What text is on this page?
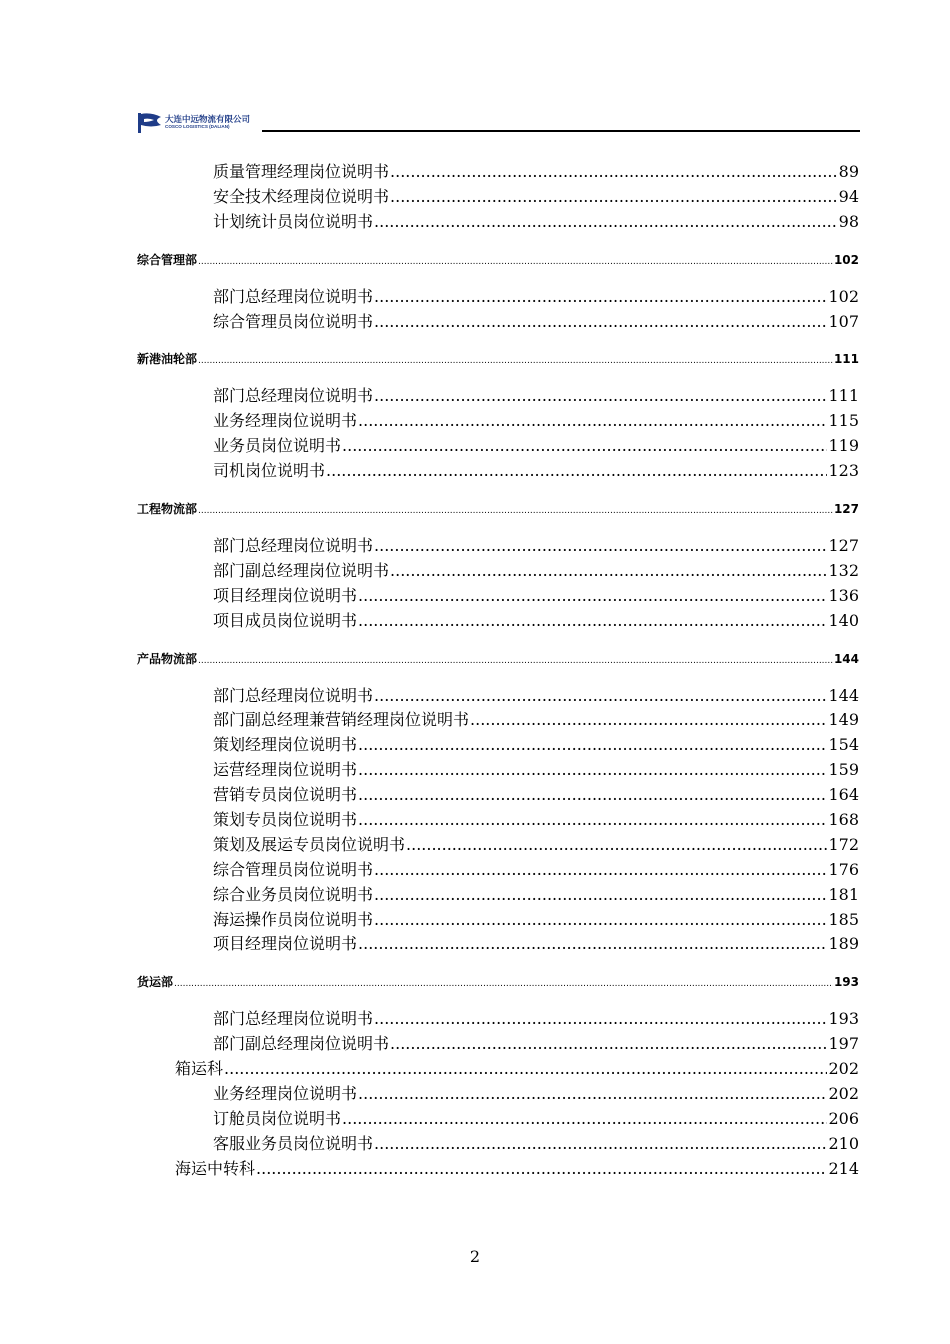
大连中远物流有限公司
COSCO LOGISTICS (DALIAN)
质量管理经理岗位说明书 .....	89
安全技术经理岗位说明书 .....	94
计划统计员岗位说明书 .....	98
综合管理部 .....	102
部门总经理岗位说明书 .....	102
综合管理员岗位说明书 .....	107
新港油轮部 .....	111
部门总经理岗位说明书 .....	111
业务经理岗位说明书 .....	115
业务员岗位说明书 .....	119
司机岗位说明书 .....	123
工程物流部 .....	127
部门总经理岗位说明书 .....	127
部门副总经理岗位说明书 .....	132
项目经理岗位说明书 .....	136
项目成员岗位说明书 .....	140
产品物流部 .....	144
部门总经理岗位说明书 .....	144
部门副总经理兼营销经理岗位说明书 .....	149
策划经理岗位说明书 .....	154
运营经理岗位说明书 .....	159
营销专员岗位说明书 .....	164
策划专员岗位说明书 .....	168
策划及展运专员岗位说明书 .....	172
综合管理员岗位说明书 .....	176
综合业务员岗位说明书 .....	181
海运操作员岗位说明书 .....	185
项目经理岗位说明书 .....	189
货运部 .....	193
部门总经理岗位说明书 .....	193
部门副总经理岗位说明书 .....	197
箱运科 .....	202
业务经理岗位说明书 .....	202
订舱员岗位说明书 .....	206
客服业务员岗位说明书 .....	210
海运中转科 .....	214
2
